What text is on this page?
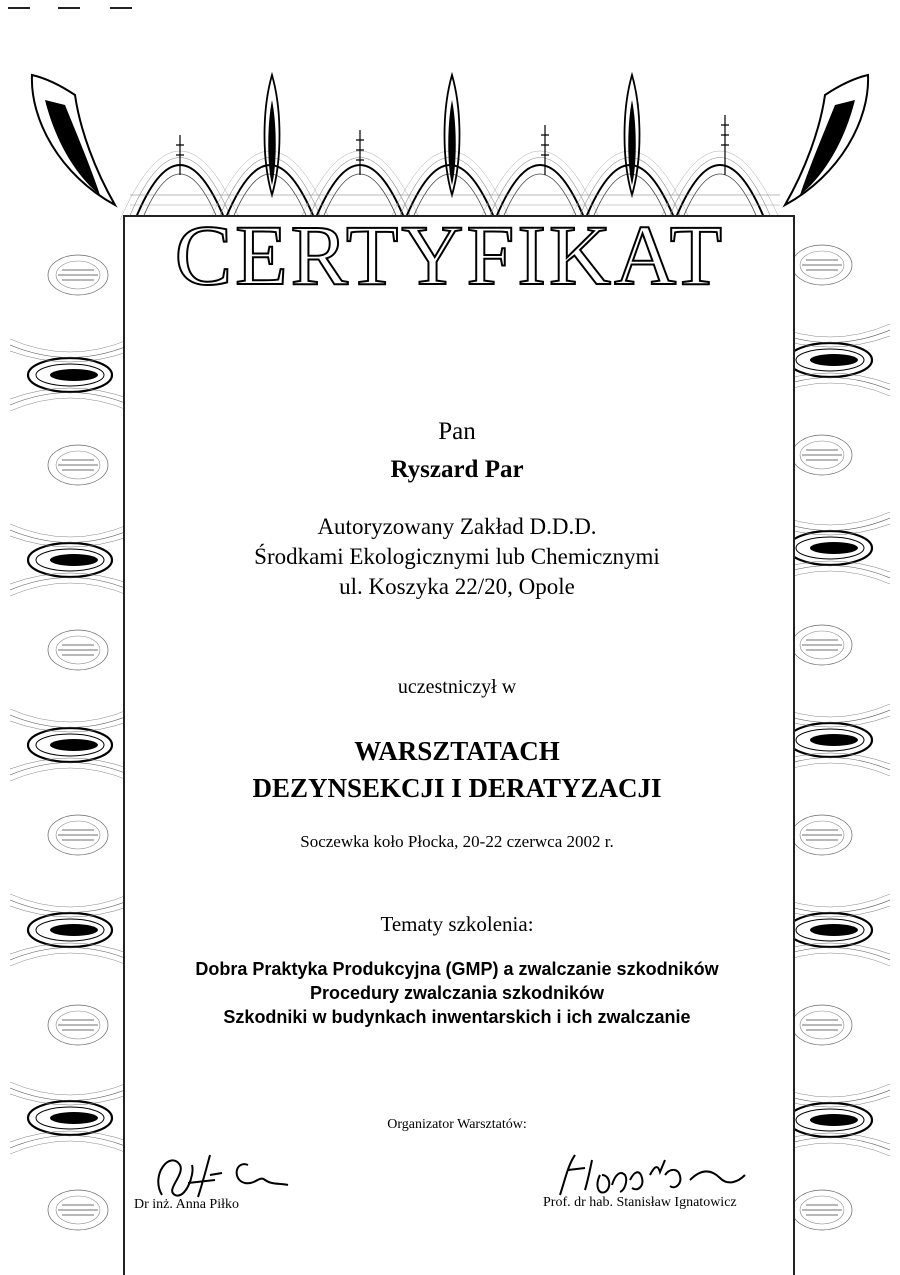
CERTYFIKAT
Pan
Ryszard Par
Autoryzowany Zakład D.D.D.
Środkami Ekologicznymi lub Chemicznymi
ul. Koszyka 22/20, Opole
uczestniczył w
WARSZTATACH
DEZYNSEKCJI I DERATYZACJI
Soczewka koło Płocka, 20-22 czerwca 2002 r.
Tematy szkolenia:
Dobra Praktyka Produkcyjna (GMP) a zwalczanie szkodników
Procedury zwalczania szkodników
Szkodniki w budynkach inwentarskich i ich zwalczanie
Organizator Warsztatów:
Dr inż. Anna Piłko	Prof. dr hab. Stanisław Ignatowicz
